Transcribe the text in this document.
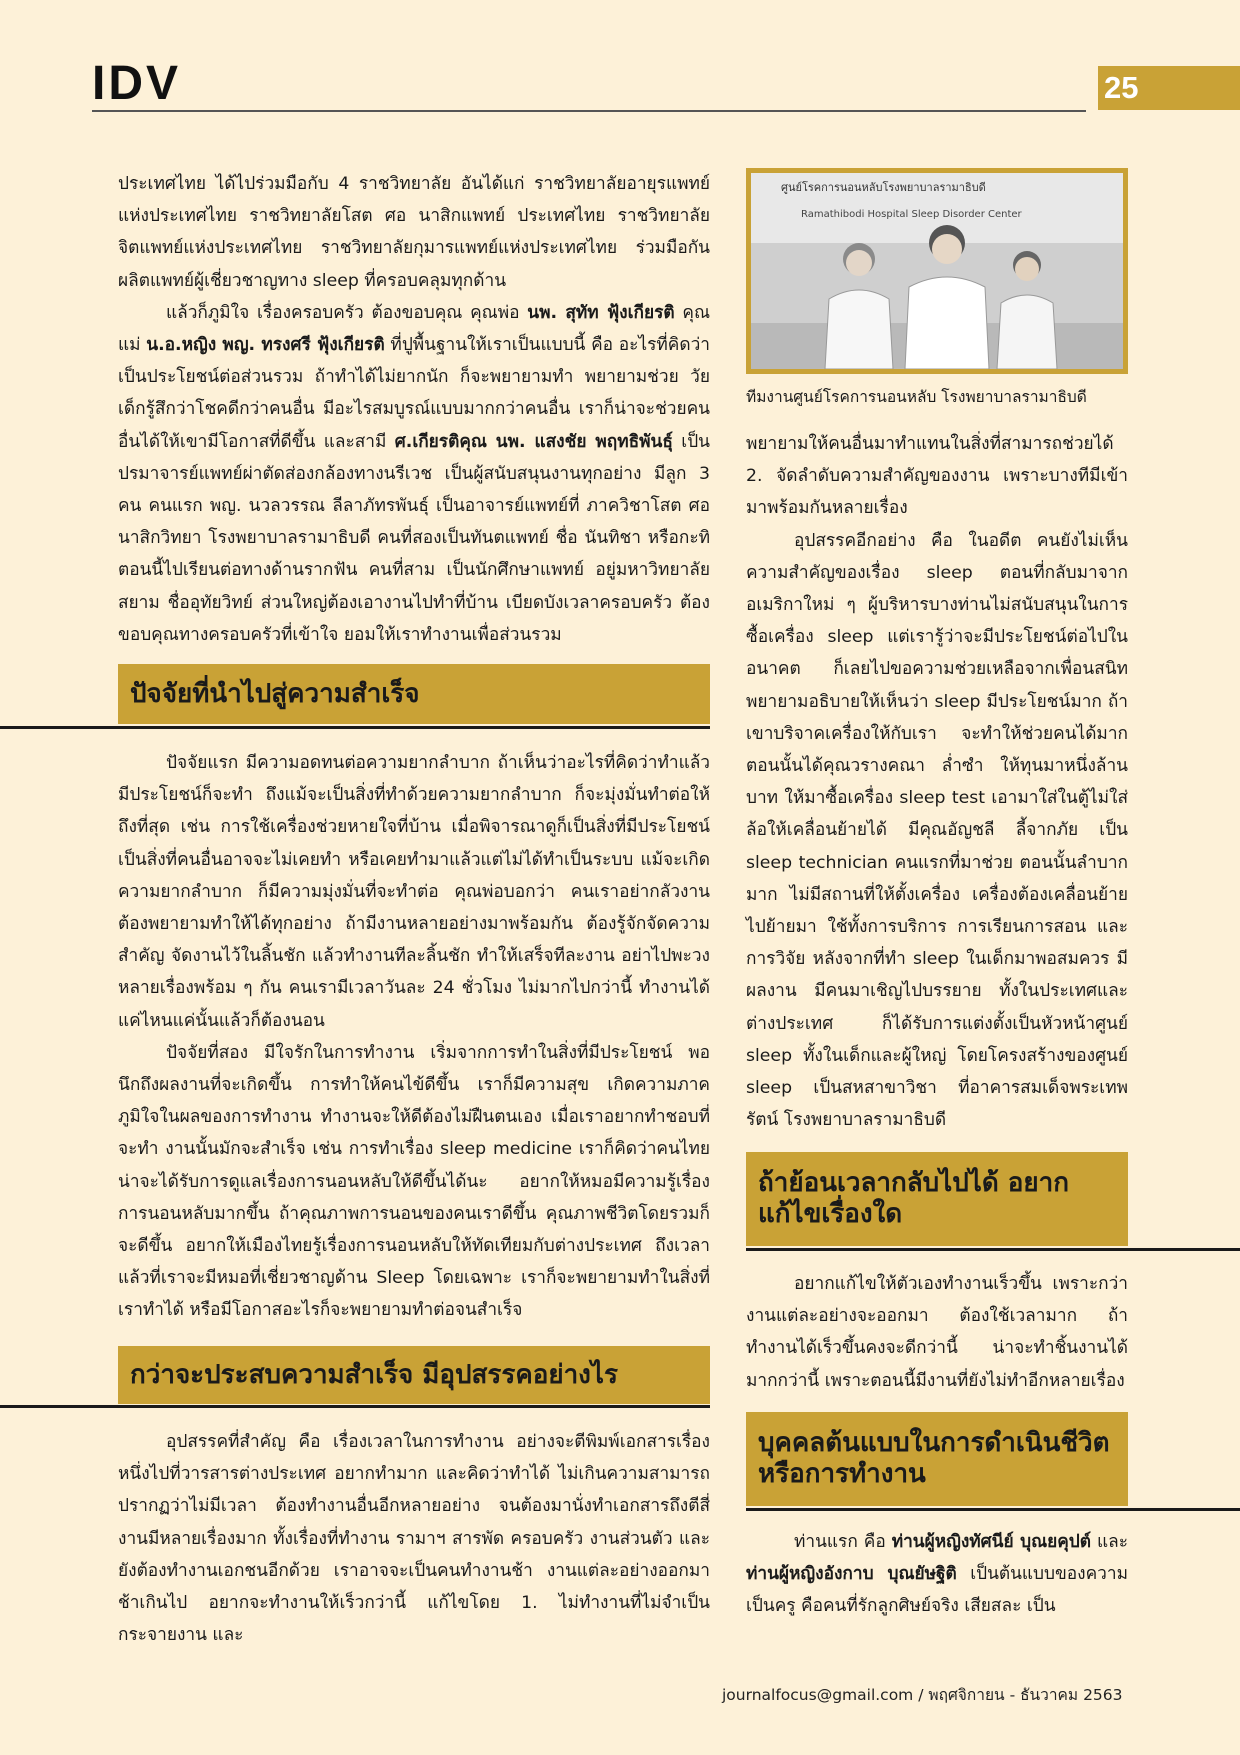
IDV	25

ประเทศไทย ได้ไปร่วมมือกับ 4 ราชวิทยาลัย อันได้แก่ ราชวิทยาลัยอายุรแพทย์แห่งประเทศไทย ราชวิทยาลัยโสต ศอ นาสิกแพทย์ ประเทศไทย ราชวิทยาลัยจิตแพทย์แห่งประเทศไทย ราชวิทยาลัยกุมารแพทย์แห่งประเทศไทย ร่วมมือกันผลิตแพทย์ผู้เชี่ยวชาญทาง sleep ที่ครอบคลุมทุกด้าน

แล้วก็ภูมิใจ เรื่องครอบครัว ต้องขอบคุณ คุณพ่อ นพ. สุทัท ฟุ้งเกียรติ คุณแม่ น.อ.หญิง พญ. ทรงศรี ฟุ้งเกียรติ ที่ปูพื้นฐานให้เราเป็นแบบนี้ คือ อะไรที่คิดว่าเป็นประโยชน์ต่อส่วนรวม ถ้าทำได้ไม่ยากนัก ก็จะพยายามทำ พยายามช่วย วัยเด็กรู้สึกว่าโชคดีกว่าคนอื่น มีอะไรสมบูรณ์แบบมากกว่าคนอื่น เราก็น่าจะช่วยคนอื่นได้ให้เขามีโอกาสที่ดีขึ้น และสามี ศ.เกียรติคุณ นพ. แสงชัย พฤทธิพันธุ์ เป็นปรมาจารย์แพทย์ผ่าตัดส่องกล้องทางนรีเวช เป็นผู้สนับสนุนงานทุกอย่าง มีลูก 3 คน คนแรก พญ. นวลวรรณ ลีลาภัทรพันธุ์ เป็นอาจารย์แพทย์ที่ ภาควิชาโสต ศอ นาสิกวิทยา โรงพยาบาลรามาธิบดี คนที่สองเป็นทันตแพทย์ ชื่อ นันทิชา หรือกะทิ ตอนนี้ไปเรียนต่อทางด้านรากฟัน คนที่สาม เป็นนักศึกษาแพทย์ อยู่มหาวิทยาลัยสยาม ชื่ออุทัยวิทย์ ส่วนใหญ่ต้องเอางานไปทำที่บ้าน เบียดบังเวลาครอบครัว ต้องขอบคุณทางครอบครัวที่เข้าใจ ยอมให้เราทำงานเพื่อส่วนรวม

ปัจจัยที่นำไปสู่ความสำเร็จ

ปัจจัยแรก มีความอดทนต่อความยากลำบาก ถ้าเห็นว่าอะไรที่คิดว่าทำแล้วมีประโยชน์ก็จะทำ ถึงแม้จะเป็นสิ่งที่ทำด้วยความยากลำบาก ก็จะมุ่งมั่นทำต่อให้ถึงที่สุด เช่น การใช้เครื่องช่วยหายใจที่บ้าน เมื่อพิจารณาดูก็เป็นสิ่งที่มีประโยชน์ เป็นสิ่งที่คนอื่นอาจจะไม่เคยทำ หรือเคยทำมาแล้วแต่ไม่ได้ทำเป็นระบบ แม้จะเกิดความยากลำบาก ก็มีความมุ่งมั่นที่จะทำต่อ คุณพ่อบอกว่า คนเราอย่ากลัวงาน ต้องพยายามทำให้ได้ทุกอย่าง ถ้ามีงานหลายอย่างมาพร้อมกัน ต้องรู้จักจัดความสำคัญ จัดงานไว้ในลิ้นชัก แล้วทำงานทีละลิ้นชัก ทำให้เสร็จทีละงาน อย่าไปพะวงหลายเรื่องพร้อม ๆ กัน คนเรามีเวลาวันละ 24 ชั่วโมง ไม่มากไปกว่านี้ ทำงานได้แค่ไหนแค่นั้นแล้วก็ต้องนอน

ปัจจัยที่สอง มีใจรักในการทำงาน เริ่มจากการทำในสิ่งที่มีประโยชน์ พอนึกถึงผลงานที่จะเกิดขึ้น การทำให้คนไข้ดีขึ้น เราก็มีความสุข เกิดความภาคภูมิใจในผลของการทำงาน ทำงานจะให้ดีต้องไม่ฝืนตนเอง เมื่อเราอยากทำชอบที่จะทำ งานนั้นมักจะสำเร็จ เช่น การทำเรื่อง sleep medicine เราก็คิดว่าคนไทยน่าจะได้รับการดูแลเรื่องการนอนหลับให้ดีขึ้นได้นะ อยากให้หมอมีความรู้เรื่องการนอนหลับมากขึ้น ถ้าคุณภาพการนอนของคนเราดีขึ้น คุณภาพชีวิตโดยรวมก็จะดีขึ้น อยากให้เมืองไทยรู้เรื่องการนอนหลับให้ทัดเทียมกับต่างประเทศ ถึงเวลาแล้วที่เราจะมีหมอที่เชี่ยวชาญด้าน Sleep โดยเฉพาะ เราก็จะพยายามทำในสิ่งที่เราทำได้ หรือมีโอกาสอะไรก็จะพยายามทำต่อจนสำเร็จ

กว่าจะประสบความสำเร็จ มีอุปสรรคอย่างไร

อุปสรรคที่สำคัญ คือ เรื่องเวลาในการทำงาน อย่างจะตีพิมพ์เอกสารเรื่องหนึ่งไปที่วารสารต่างประเทศ อยากทำมาก และคิดว่าทำได้ ไม่เกินความสามารถ ปรากฏว่าไม่มีเวลา ต้องทำงานอื่นอีกหลายอย่าง จนต้องมานั่งทำเอกสารถึงตีสี่ งานมีหลายเรื่องมาก ทั้งเรื่องที่ทำงาน รามาฯ สารพัด ครอบครัว งานส่วนตัว และยังต้องทำงานเอกชนอีกด้วย เราอาจจะเป็นคนทำงานช้า งานแต่ละอย่างออกมาช้าเกินไป อยากจะทำงานให้เร็วกว่านี้ แก้ไขโดย 1. ไม่ทำงานที่ไม่จำเป็น กระจายงาน และ

ศูนย์โรคการนอนหลับโรงพยาบาลรามาธิบดี
Ramathibodi Hospital Sleep Disorder Center
ทีมงานศูนย์โรคการนอนหลับ โรงพยาบาลรามาธิบดี

พยายามให้คนอื่นมาทำแทนในสิ่งที่สามารถช่วยได้ 2. จัดลำดับความสำคัญของงาน เพราะบางทีมีเข้ามาพร้อมกันหลายเรื่อง

อุปสรรคอีกอย่าง คือ ในอดีต คนยังไม่เห็นความสำคัญของเรื่อง sleep ตอนที่กลับมาจากอเมริกาใหม่ ๆ ผู้บริหารบางท่านไม่สนับสนุนในการซื้อเครื่อง sleep แต่เรารู้ว่าจะมีประโยชน์ต่อไปในอนาคต ก็เลยไปขอความช่วยเหลือจากเพื่อนสนิท พยายามอธิบายให้เห็นว่า sleep มีประโยชน์มาก ถ้าเขาบริจาคเครื่องให้กับเรา จะทำให้ช่วยคนได้มาก ตอนนั้นได้คุณวรางคณา ล่ำซำ ให้ทุนมาหนึ่งล้านบาท ให้มาซื้อเครื่อง sleep test เอามาใส่ในตู้ไม่ใส่ล้อให้เคลื่อนย้ายได้ มีคุณอัญชลี ลี้จากภัย เป็น sleep technician คนแรกที่มาช่วย ตอนนั้นลำบากมาก ไม่มีสถานที่ให้ตั้งเครื่อง เครื่องต้องเคลื่อนย้ายไปย้ายมา ใช้ทั้งการบริการ การเรียนการสอน และการวิจัย หลังจากที่ทำ sleep ในเด็กมาพอสมควร มีผลงาน มีคนมาเชิญไปบรรยาย ทั้งในประเทศและต่างประเทศ ก็ได้รับการแต่งตั้งเป็นหัวหน้าศูนย์ sleep ทั้งในเด็กและผู้ใหญ่ โดยโครงสร้างของศูนย์ sleep เป็นสหสาขาวิชา ที่อาคารสมเด็จพระเทพรัตน์ โรงพยาบาลรามาธิบดี

ถ้าย้อนเวลากลับไปได้ อยากแก้ไขเรื่องใด

อยากแก้ไขให้ตัวเองทำงานเร็วขึ้น เพราะกว่างานแต่ละอย่างจะออกมา ต้องใช้เวลามาก ถ้าทำงานได้เร็วขึ้นคงจะดีกว่านี้ น่าจะทำชิ้นงานได้มากกว่านี้ เพราะตอนนี้มีงานที่ยังไม่ทำอีกหลายเรื่อง

บุคคลต้นแบบในการดำเนินชีวิตหรือการทำงาน

ท่านแรก คือ ท่านผู้หญิงทัศนีย์ บุณยคุปต์ และท่านผู้หญิงอังกาบ บุณยัษฐิติ เป็นต้นแบบของความเป็นครู คือคนที่รักลูกศิษย์จริง เสียสละ เป็น

journalfocus@gmail.com / พฤศจิกายน - ธันวาคม 2563
